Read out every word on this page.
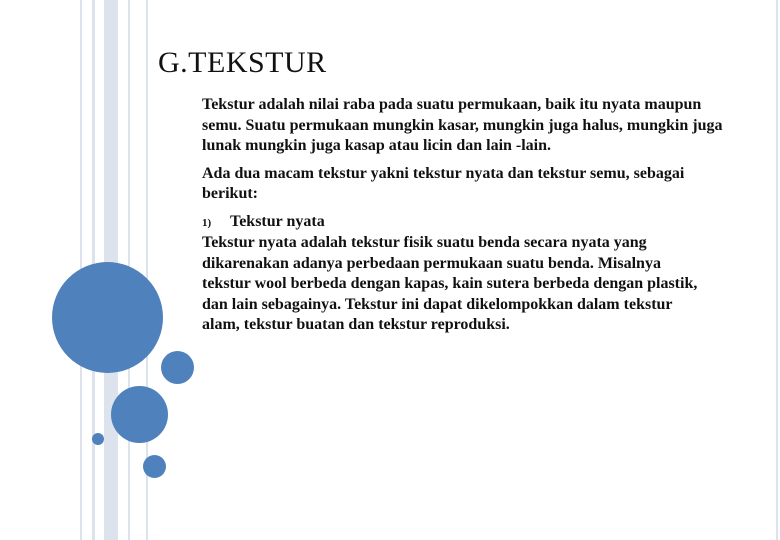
G.TEKSTUR

Tekstur adalah nilai raba pada suatu permukaan, baik itu nyata maupun semu. Suatu permukaan mungkin kasar, mungkin juga halus, mungkin juga lunak mungkin juga kasap atau licin dan lain -lain.

Ada dua macam tekstur yakni tekstur nyata dan tekstur semu, sebagai berikut:

1)	Tekstur nyata

Tekstur nyata adalah tekstur fisik suatu benda secara nyata yang dikarenakan adanya perbedaan permukaan suatu benda. Misalnya tekstur wool berbeda dengan kapas, kain sutera berbeda dengan plastik, dan lain sebagainya. Tekstur ini dapat dikelompokkan dalam tekstur alam, tekstur buatan dan tekstur reproduksi.
